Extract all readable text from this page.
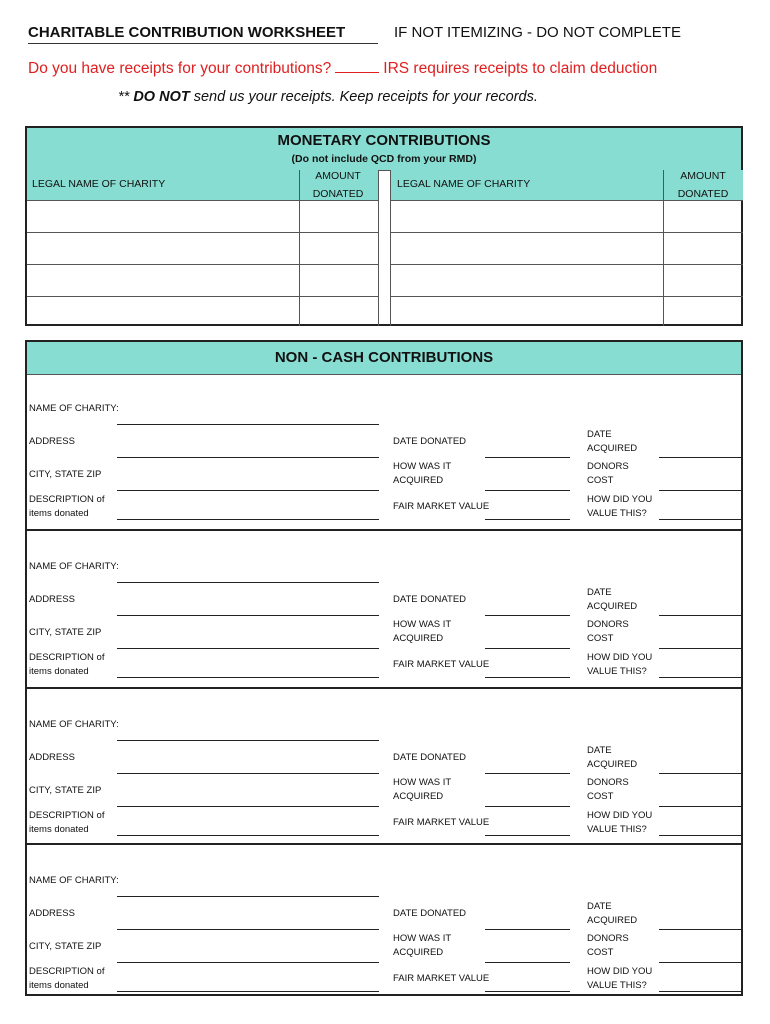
CHARITABLE CONTRIBUTION WORKSHEET	IF NOT ITEMIZING - DO NOT COMPLETE
Do you have receipts for your contributions?	IRS requires receipts to claim deduction
** DO NOT send us your receipts. Keep receipts for your records.
MONETARY CONTRIBUTIONS
(Do not include QCD from your RMD)
LEGAL NAME OF CHARITY
AMOUNT
DONATED
LEGAL NAME OF CHARITY
AMOUNT
DONATED
NON - CASH CONTRIBUTIONS
NAME OF CHARITY:
ADDRESS
CITY, STATE ZIP
DESCRIPTION of
items donated
DATE DONATED
HOW WAS IT
ACQUIRED
FAIR MARKET VALUE
DATE
ACQUIRED
DONORS
COST
HOW DID YOU
VALUE THIS?
NAME OF CHARITY:
ADDRESS
CITY, STATE ZIP
DESCRIPTION of
items donated
DATE DONATED
HOW WAS IT
ACQUIRED
FAIR MARKET VALUE
DATE
ACQUIRED
DONORS
COST
HOW DID YOU
VALUE THIS?
NAME OF CHARITY:
ADDRESS
CITY, STATE ZIP
DESCRIPTION of
items donated
DATE DONATED
HOW WAS IT
ACQUIRED
FAIR MARKET VALUE
DATE
ACQUIRED
DONORS
COST
HOW DID YOU
VALUE THIS?
NAME OF CHARITY:
ADDRESS
CITY, STATE ZIP
DESCRIPTION of
items donated
DATE DONATED
HOW WAS IT
ACQUIRED
FAIR MARKET VALUE
DATE
ACQUIRED
DONORS
COST
HOW DID YOU
VALUE THIS?
